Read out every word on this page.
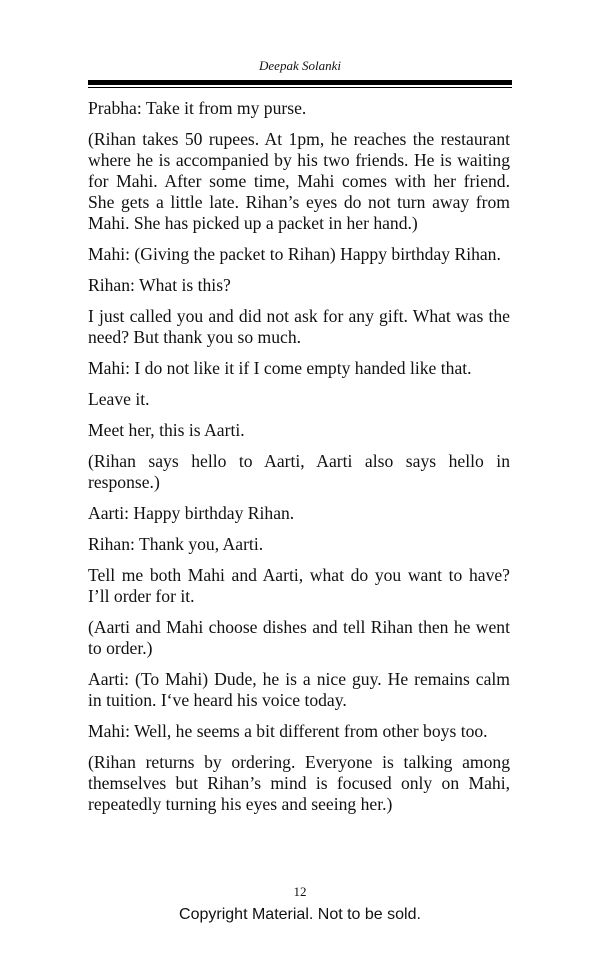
Deepak Solanki

Prabha: Take it from my purse.

(Rihan takes 50 rupees. At 1pm, he reaches the restaurant where he is accompanied by his two friends. He is waiting for Mahi. After some time, Mahi comes with her friend. She gets a little late. Rihan’s eyes do not turn away from Mahi. She has picked up a packet in her hand.)

Mahi: (Giving the packet to Rihan) Happy birthday Rihan.

Rihan: What is this?

I just called you and did not ask for any gift. What was the need? But thank you so much.

Mahi: I do not like it if I come empty handed like that.

Leave it.

Meet her, this is Aarti.

(Rihan says hello to Aarti, Aarti also says hello in response.)

Aarti: Happy birthday Rihan.

Rihan: Thank you, Aarti.

Tell me both Mahi and Aarti, what do you want to have? I’ll order for it.

(Aarti and Mahi choose dishes and tell Rihan then he went to order.)

Aarti: (To Mahi) Dude, he is a nice guy. He remains calm in tuition. I‘ve heard his voice today.

Mahi: Well, he seems a bit different from other boys too.

(Rihan returns by ordering. Everyone is talking among themselves but Rihan’s mind is focused only on Mahi, repeatedly turning his eyes and seeing her.)

12
Copyright Material. Not to be sold.
